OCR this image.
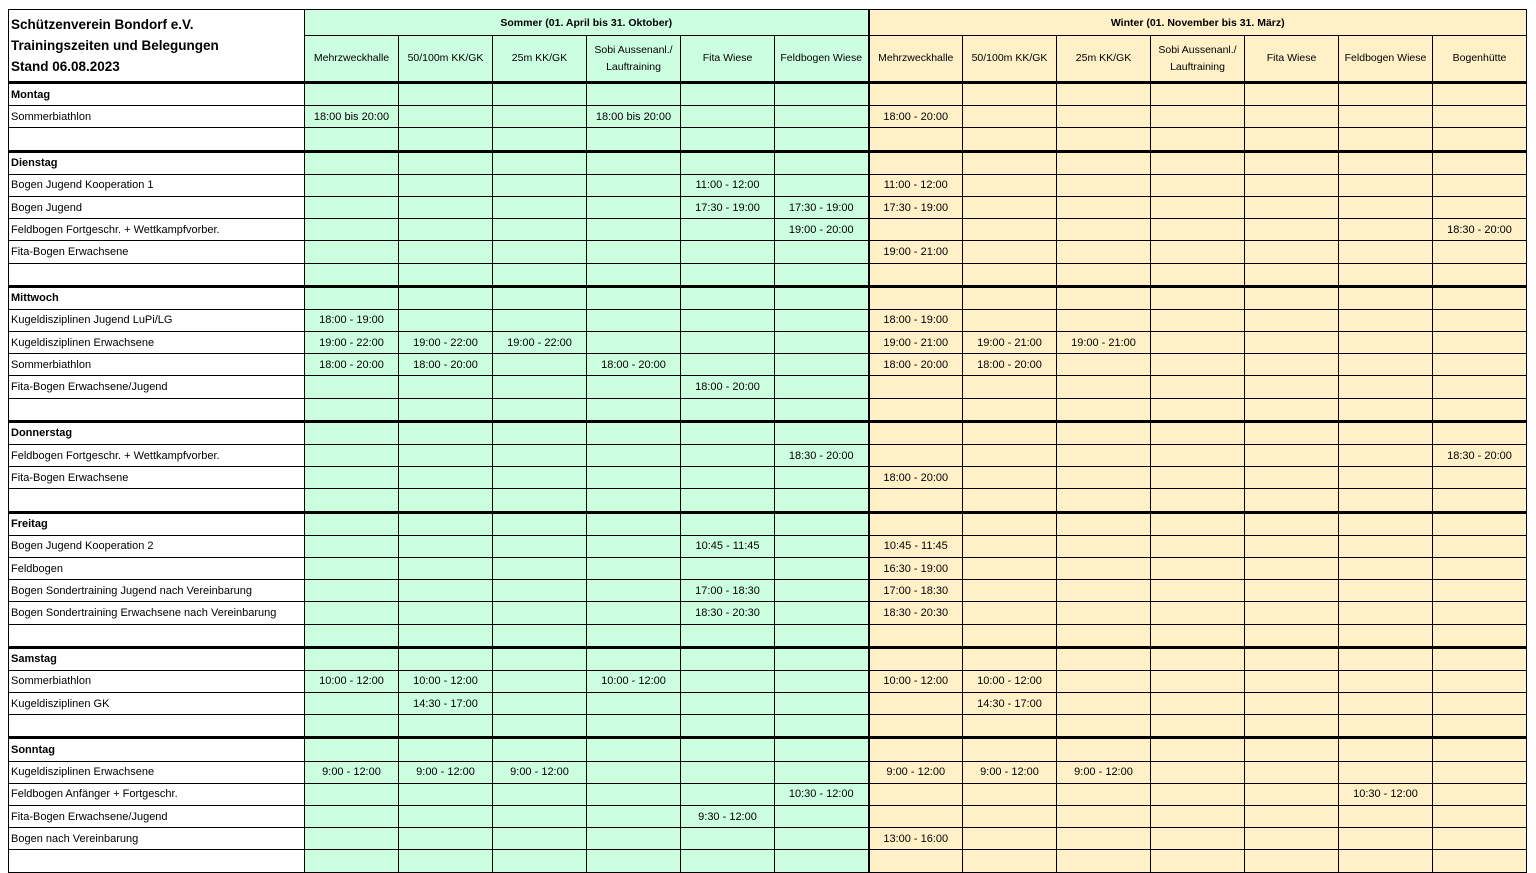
Schützenverein Bondorf e.V.
Trainingszeiten und Belegungen
Stand 06.08.2023	Sommer (01. April bis 31. Oktober)						Winter (01. November bis 31. März)						
	Mehrzweckhalle	50/100m KK/GK	25m KK/GK	Sobi Aussenanl./ Lauftraining	Fita Wiese	Feldbogen Wiese	Mehrzweckhalle	50/100m KK/GK	25m KK/GK	Sobi Aussenanl./ Lauftraining	Fita Wiese	Feldbogen Wiese	Bogenhütte
Montag													
Sommerbiathlon	18:00 bis 20:00			18:00 bis 20:00			18:00 - 20:00						

Dienstag													
Bogen Jugend Kooperation 1					11:00 - 12:00		11:00 - 12:00						
Bogen Jugend					17:30 - 19:00	17:30 - 19:00	17:30 - 19:00						
Feldbogen Fortgeschr. + Wettkampfvorber.						19:00 - 20:00							18:30 - 20:00
Fita-Bogen Erwachsene							19:00 - 21:00						

Mittwoch													
Kugeldisziplinen Jugend LuPi/LG	18:00 - 19:00						18:00 - 19:00						
Kugeldisziplinen Erwachsene	19:00 - 22:00	19:00 - 22:00	19:00 - 22:00				19:00 - 21:00	19:00 - 21:00	19:00 - 21:00				
Sommerbiathlon	18:00 - 20:00	18:00 - 20:00		18:00 - 20:00			18:00 - 20:00	18:00 - 20:00					
Fita-Bogen Erwachsene/Jugend					18:00 - 20:00								

Donnerstag													
Feldbogen Fortgeschr. + Wettkampfvorber.						18:30 - 20:00							18:30 - 20:00
Fita-Bogen Erwachsene							18:00 - 20:00						

Freitag													
Bogen Jugend Kooperation 2					10:45 - 11:45		10:45 - 11:45						
Feldbogen							16:30 - 19:00						
Bogen Sondertraining Jugend nach Vereinbarung					17:00 - 18:30		17:00 - 18:30						
Bogen Sondertraining Erwachsene nach Vereinbarung					18:30 - 20:30		18:30 - 20:30						

Samstag													
Sommerbiathlon	10:00 - 12:00	10:00 - 12:00		10:00 - 12:00			10:00 - 12:00	10:00 - 12:00					
Kugeldisziplinen GK		14:30 - 17:00						14:30 - 17:00					

Sonntag													
Kugeldisziplinen Erwachsene	9:00 - 12:00	9:00 - 12:00	9:00 - 12:00				9:00 - 12:00	9:00 - 12:00	9:00 - 12:00				
Feldbogen Anfänger + Fortgeschr.						10:30 - 12:00						10:30 - 12:00	
Fita-Bogen Erwachsene/Jugend					9:30 - 12:00								
Bogen nach Vereinbarung							13:00 - 16:00						
